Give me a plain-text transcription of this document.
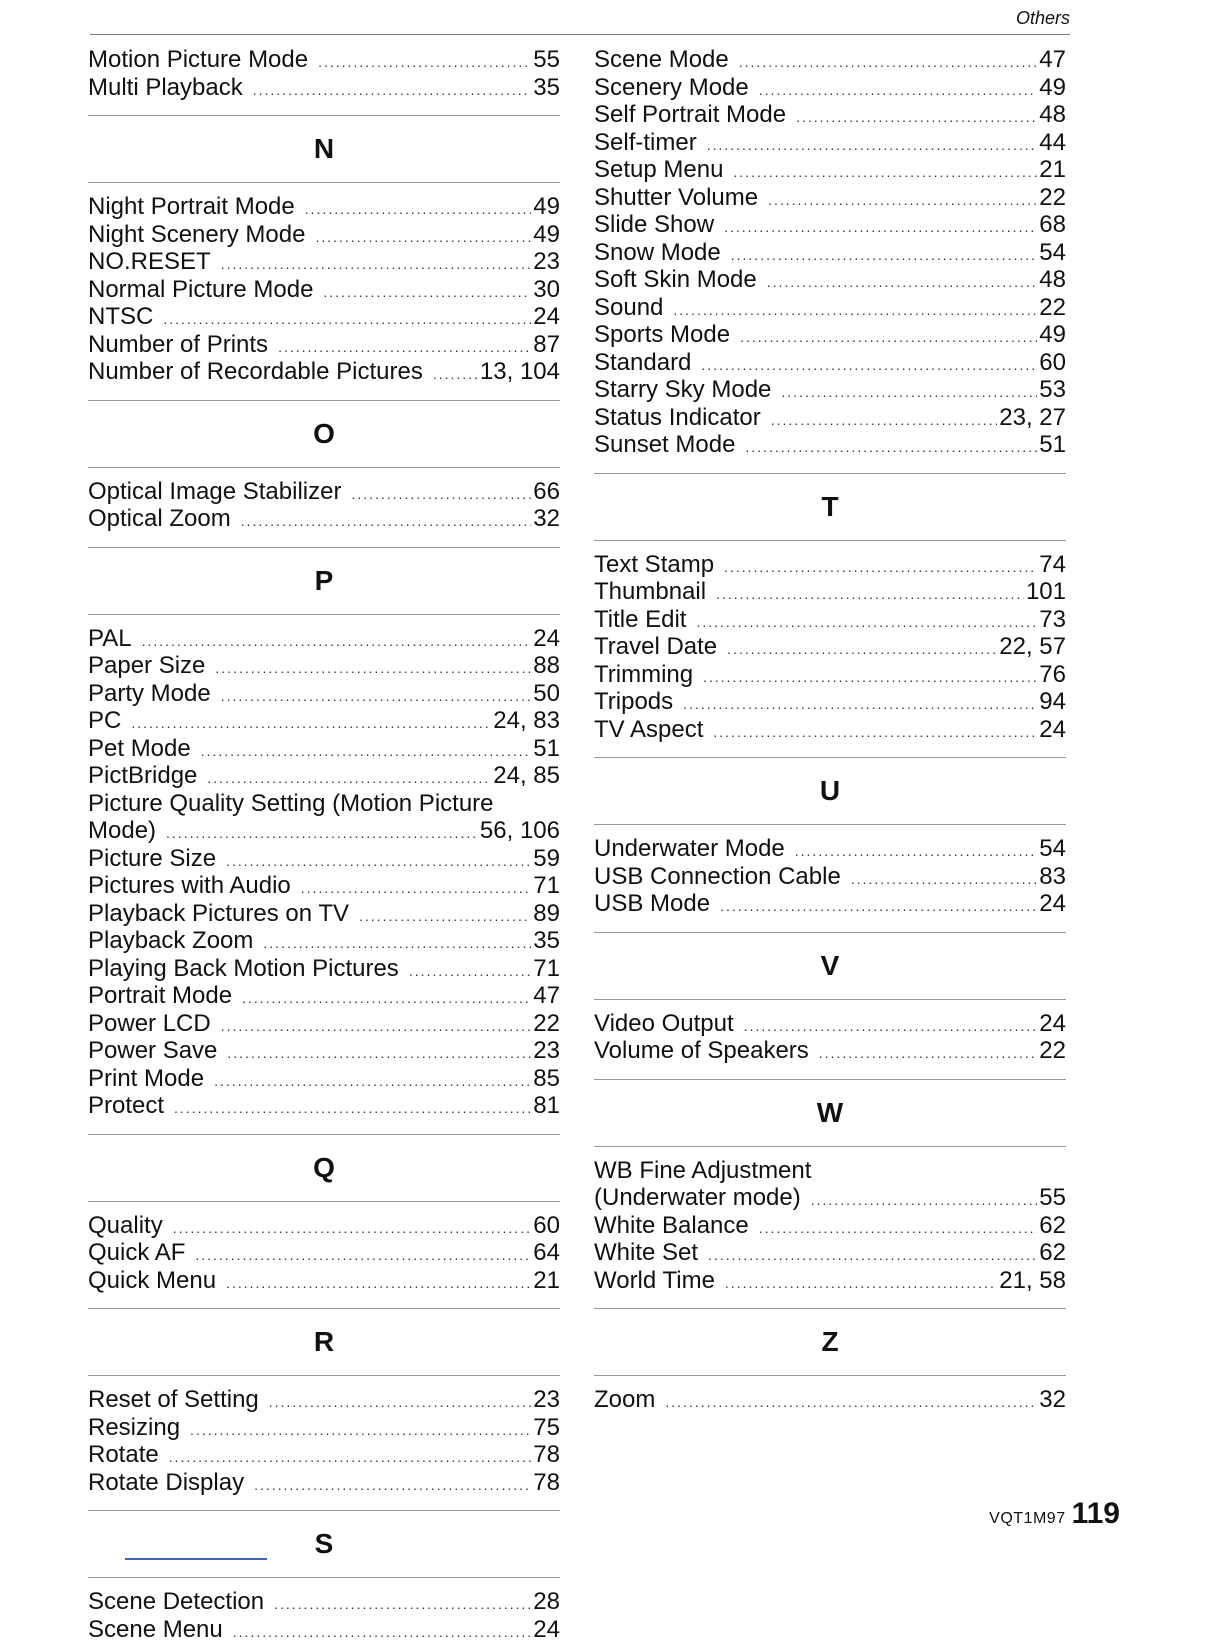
Others
Motion Picture Mode .....	55
Multi Playback .....	35
N
Night Portrait Mode .....	49
Night Scenery Mode .....	49
NO.RESET .....	23
Normal Picture Mode .....	30
NTSC .....	24
Number of Prints .....	87
Number of Recordable Pictures .....	13, 104
O
Optical Image Stabilizer .....	66
Optical Zoom .....	32
P
PAL .....	24
Paper Size .....	88
Party Mode .....	50
PC .....	24, 83
Pet Mode .....	51
PictBridge .....	24, 85
Picture Quality Setting (Motion Picture
Mode) .....	56, 106
Picture Size .....	59
Pictures with Audio .....	71
Playback Pictures on TV .....	89
Playback Zoom .....	35
Playing Back Motion Pictures .....	71
Portrait Mode .....	47
Power LCD .....	22
Power Save .....	23
Print Mode .....	85
Protect .....	81
Q
Quality .....	60
Quick AF .....	64
Quick Menu .....	21
R
Reset of Setting .....	23
Resizing .....	75
Rotate .....	78
Rotate Display .....	78
S
Scene Detection .....	28
Scene Menu .....	24
Scene Mode .....	47
Scenery Mode .....	49
Self Portrait Mode .....	48
Self-timer .....	44
Setup Menu .....	21
Shutter Volume .....	22
Slide Show .....	68
Snow Mode .....	54
Soft Skin Mode .....	48
Sound .....	22
Sports Mode .....	49
Standard .....	60
Starry Sky Mode .....	53
Status Indicator .....	23, 27
Sunset Mode .....	51
T
Text Stamp .....	74
Thumbnail .....	101
Title Edit .....	73
Travel Date .....	22, 57
Trimming .....	76
Tripods .....	94
TV Aspect .....	24
U
Underwater Mode .....	54
USB Connection Cable .....	83
USB Mode .....	24
V
Video Output .....	24
Volume of Speakers .....	22
W
WB Fine Adjustment
(Underwater mode) .....	55
White Balance .....	62
White Set .....	62
World Time .....	21, 58
Z
Zoom .....	32
VQT1M97 119
